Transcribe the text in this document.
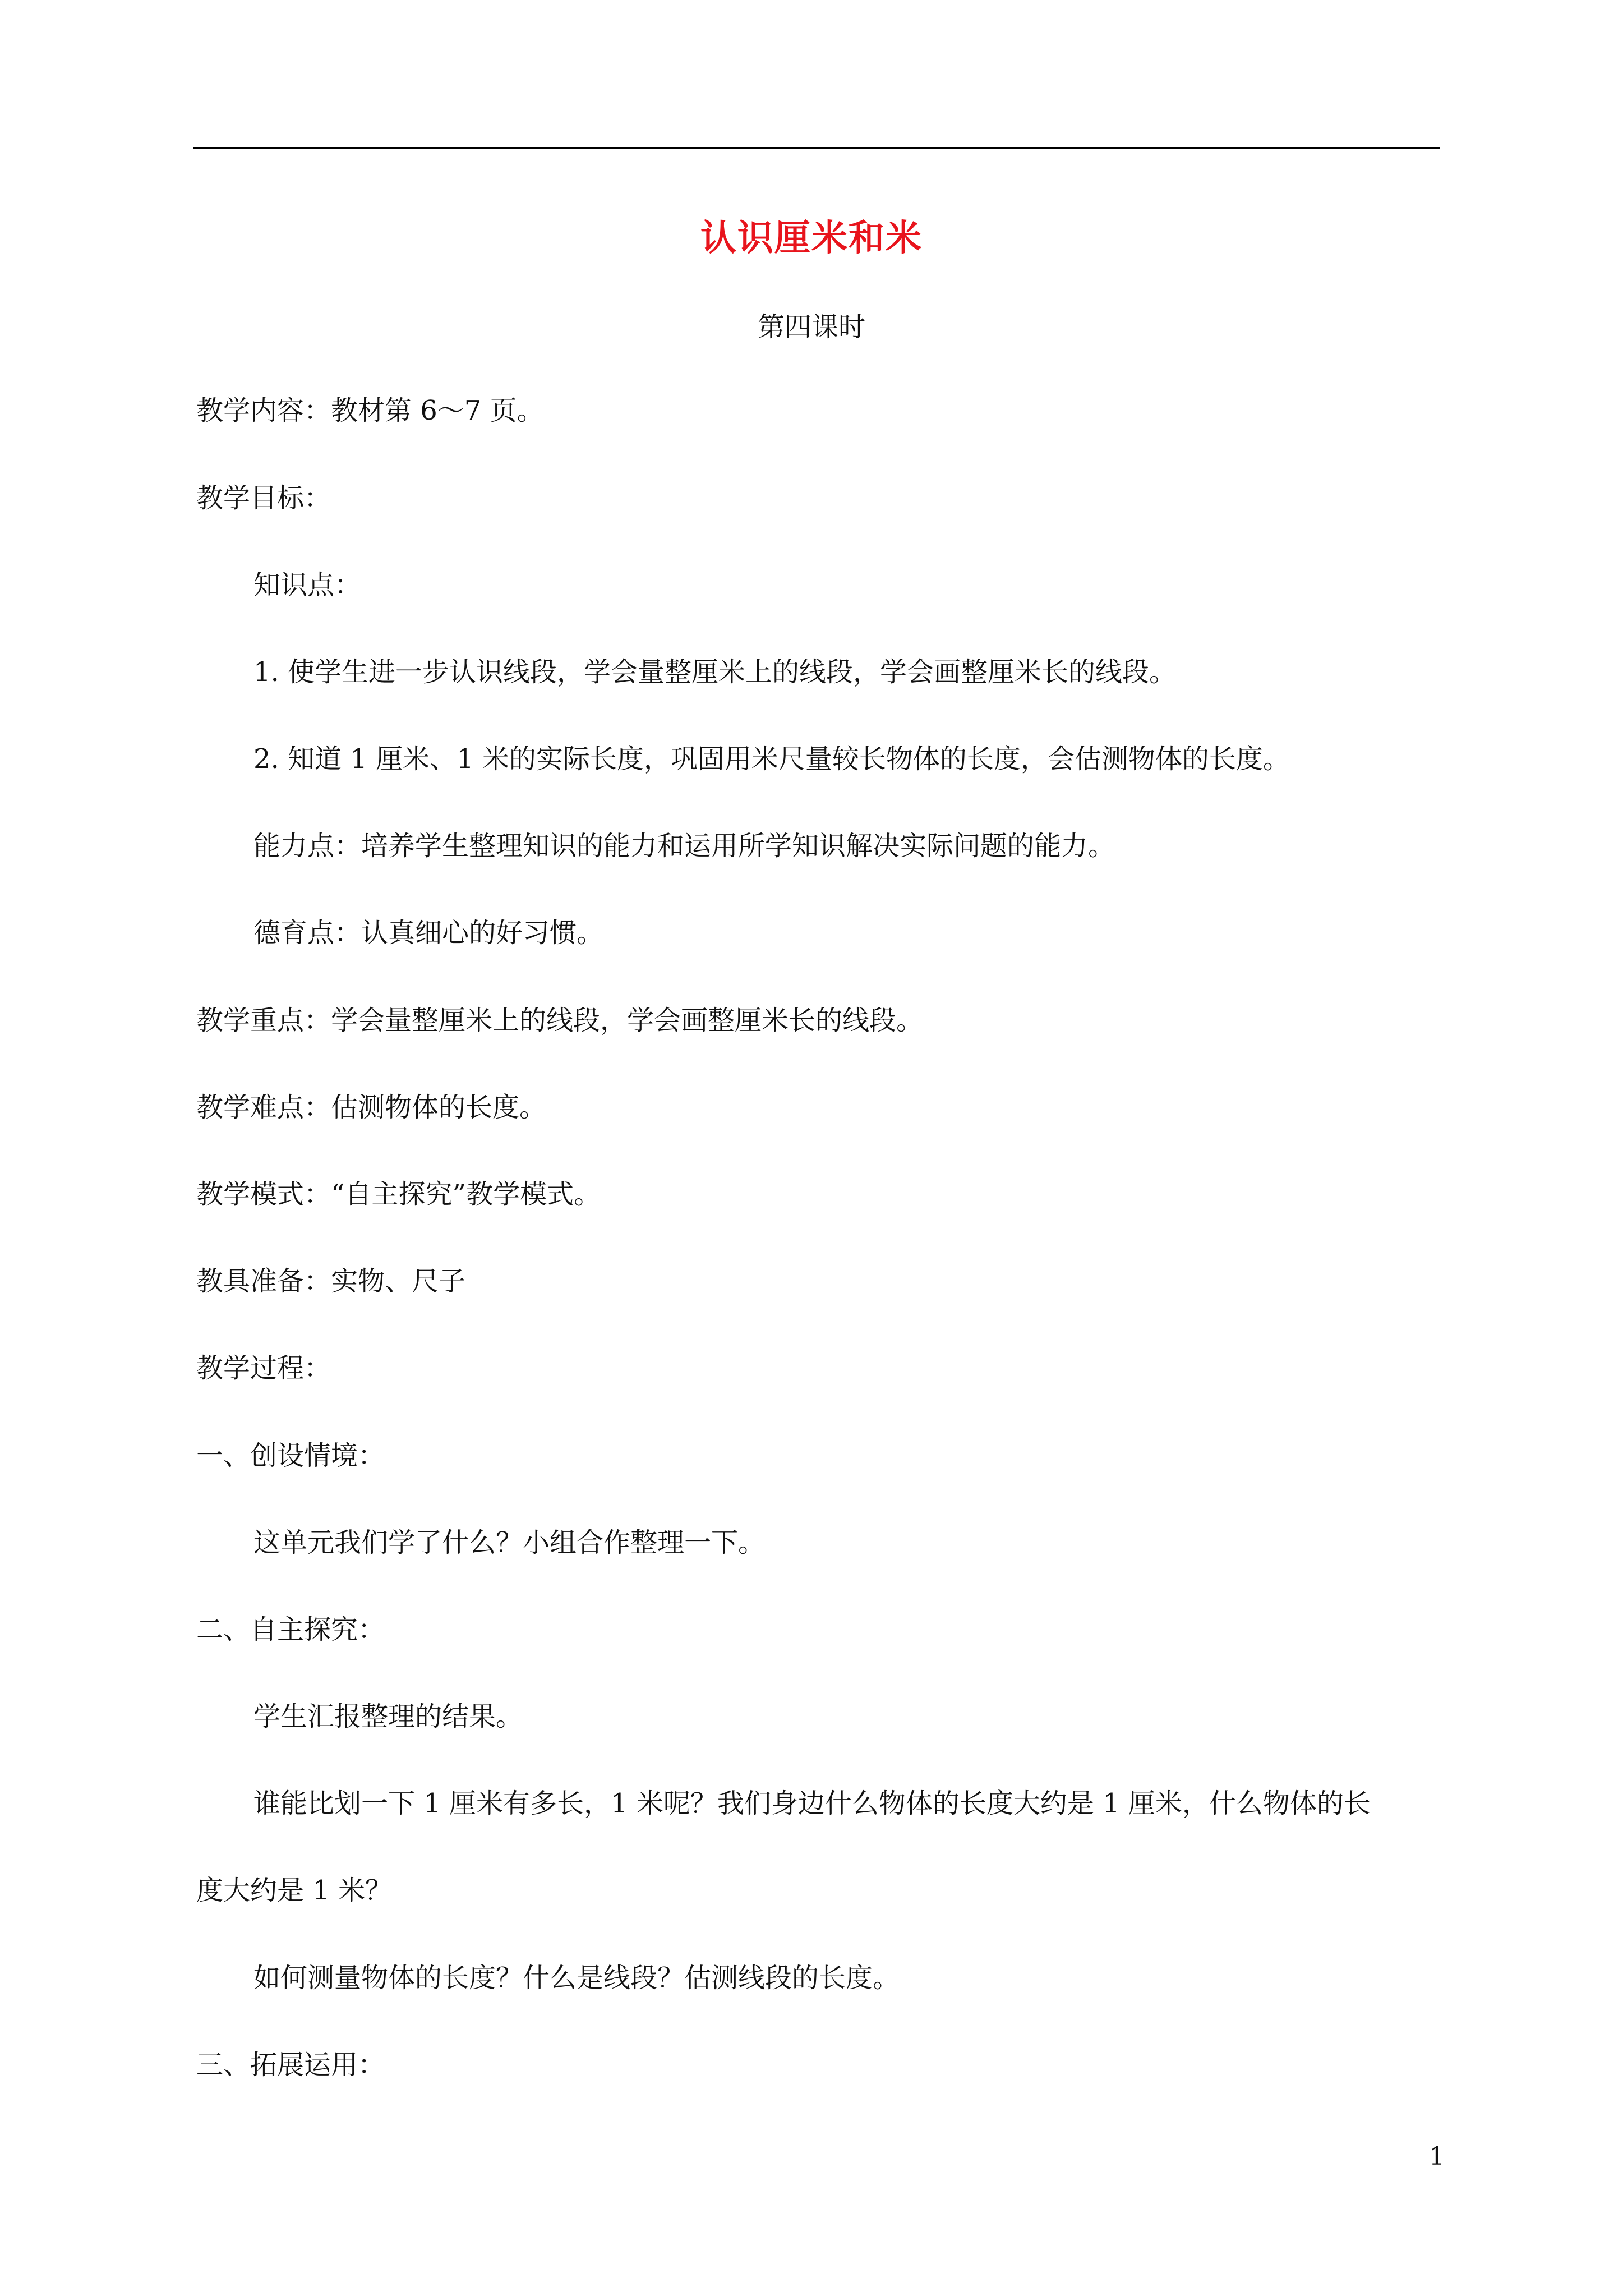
认识厘米和米
第四课时
教学内容：教材第 6～7 页。
教学目标：
知识点：
1. 使学生进一步认识线段，学会量整厘米上的线段，学会画整厘米长的线段。
2. 知道 1 厘米、1 米的实际长度，巩固用米尺量较长物体的长度，会估测物体的长度。
能力点：培养学生整理知识的能力和运用所学知识解决实际问题的能力。
德育点：认真细心的好习惯。
教学重点：学会量整厘米上的线段，学会画整厘米长的线段。
教学难点：估测物体的长度。
教学模式：“自主探究”教学模式。
教具准备：实物、尺子
教学过程：
一、创设情境：
这单元我们学了什么？小组合作整理一下。
二、自主探究：
学生汇报整理的结果。
谁能比划一下 1 厘米有多长，1 米呢？我们身边什么物体的长度大约是 1 厘米，什么物体的长
度大约是 1 米？
如何测量物体的长度？什么是线段？估测线段的长度。
三、拓展运用：
1
